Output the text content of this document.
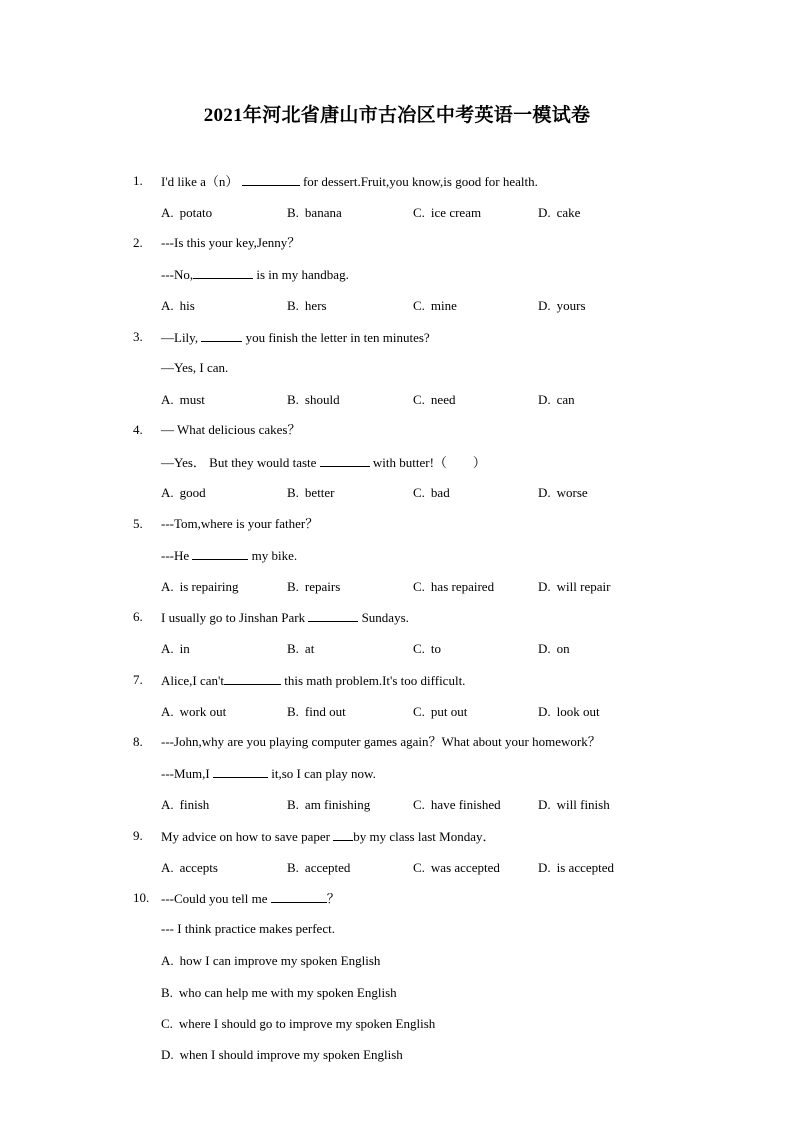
2021年河北省唐山市古冶区中考英语一模试卷
1. I'd like a（n）	for dessert.Fruit,you know,is good for health.
A. potato	B. banana	C. ice cream	D. cake
2. ---Is this your key,Jenny？
---No,	is in my handbag.
A. his	B. hers	C. mine	D. yours
3. —Lily,	you finish the letter in ten minutes?
—Yes, I can.
A. must	B. should	C. need	D. can
4. — What delicious cakes？
—Yes． But they would taste	with butter!（　　）
A. good	B. better	C. bad	D. worse
5. ---Tom,where is your father？
---He	my bike.
A. is repairing	B. repairs	C. has repaired	D. will repair
6. I usually go to Jinshan Park	Sundays.
A. in	B. at	C. to	D. on
7. Alice,I can't	this math problem.It's too difficult.
A. work out	B. find out	C. put out	D. look out
8. ---John,why are you playing computer games again？What about your homework？
---Mum,I	it,so I can play now.
A. finish	B. am finishing	C. have finished	D. will finish
9. My advice on how to save paper by my class last Monday．
A. accepts	B. accepted	C. was accepted	D. is accepted
10. ---Could you tell me	？
--- I think practice makes perfect.
A. how I can improve my spoken English
B. who can help me with my spoken English
C. where I should go to improve my spoken English
D. when I should improve my spoken English
